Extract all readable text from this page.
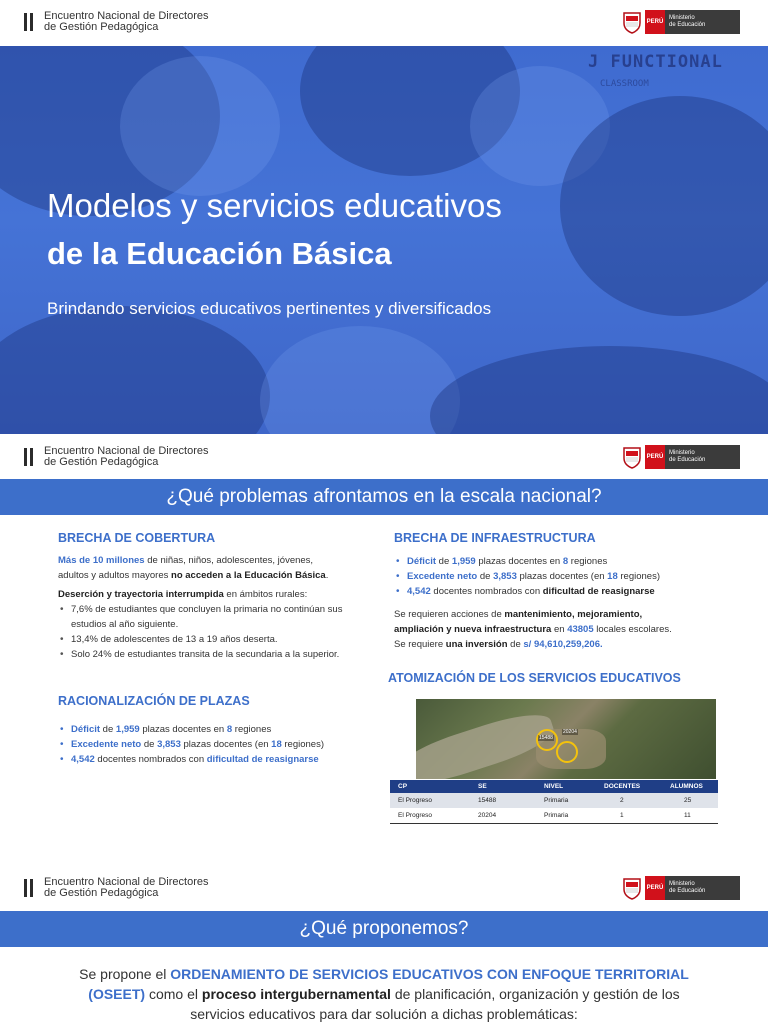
Encuentro Nacional de Directores
de Gestión Pedagógica	PERÚ
Ministerio
de Educación
J FUNCTIONAL
CLASSROOM
Modelos y servicios educativos
de la Educación Básica
Brindando servicios educativos pertinentes y diversificados
Encuentro Nacional de Directores
de Gestión Pedagógica	PERÚ
Ministerio
de Educación
¿Qué problemas afrontamos en la escala nacional?
BRECHA DE COBERTURA
Más de 10 millones de niñas, niños, adolescentes, jóvenes,
adultos y adultos mayores no acceden a la Educación Básica.
Deserción y trayectoria interrumpida en ámbitos rurales:
• 7,6% de estudiantes que concluyen la primaria no continúan sus estudios al año siguiente.
• 13,4% de adolescentes de 13 a 19 años deserta.
• Solo 24% de estudiantes transita de la secundaria a la superior.
RACIONALIZACIÓN DE PLAZAS
• Déficit de 1,959 plazas docentes en 8 regiones
• Excedente neto de 3,853 plazas docentes (en 18 regiones)
• 4,542 docentes nombrados con dificultad de reasignarse
BRECHA DE INFRAESTRUCTURA
• Déficit de 1,959 plazas docentes en 8 regiones
• Excedente neto de 3,853 plazas docentes (en 18 regiones)
• 4,542 docentes nombrados con dificultad de reasignarse
Se requieren acciones de mantenimiento, mejoramiento, ampliación y nueva infraestructura en 43805 locales escolares.
Se requiere una inversión de s/ 94,610,259,206.
ATOMIZACIÓN DE LOS SERVICIOS EDUCATIVOS
15488
20204
CP	SE	NIVEL	DOCENTES	ALUMNOS
El Progreso	15488	Primaria	2	25
El Progreso	20204	Primaria	1	11
Encuentro Nacional de Directores
de Gestión Pedagógica	PERÚ
Ministerio
de Educación
¿Qué proponemos?
Se propone el ORDENAMIENTO DE SERVICIOS EDUCATIVOS CON ENFOQUE TERRITORIAL (OSEET) como el proceso intergubernamental de planificación, organización y gestión de los servicios educativos para dar solución a dichas problemáticas:
